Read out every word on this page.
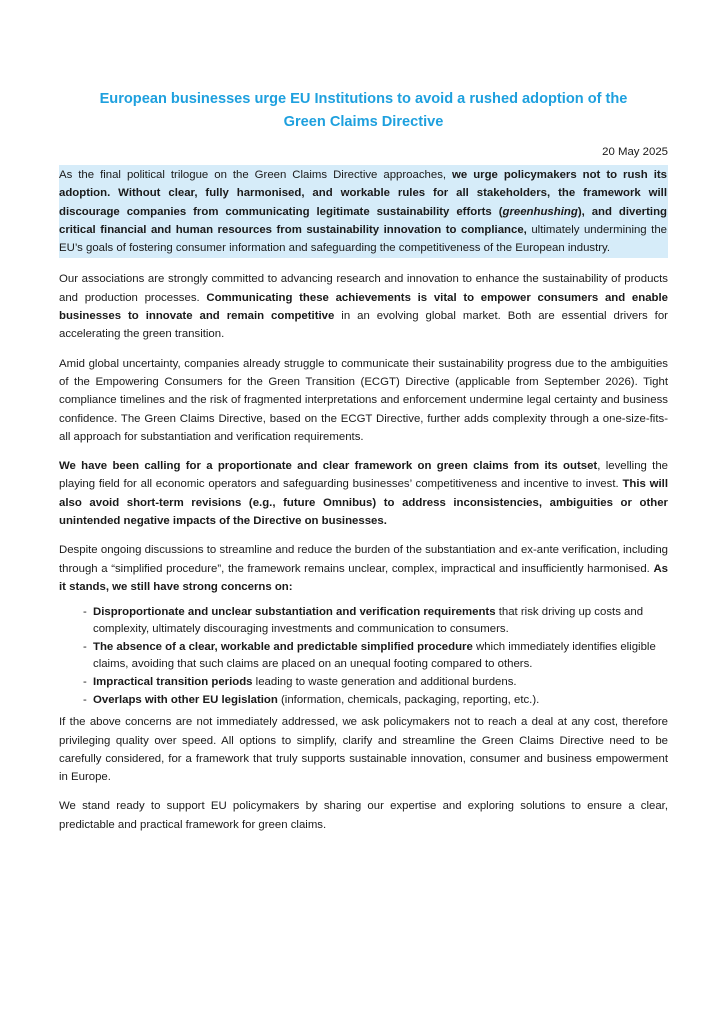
European businesses urge EU Institutions to avoid a rushed adoption of the
Green Claims Directive
20 May 2025

As the final political trilogue on the Green Claims Directive approaches, we urge policymakers not to rush its adoption. Without clear, fully harmonised, and workable rules for all stakeholders, the framework will discourage companies from communicating legitimate sustainability efforts (greenhushing), and diverting critical financial and human resources from sustainability innovation to compliance, ultimately undermining the EU’s goals of fostering consumer information and safeguarding the competitiveness of the European industry.

Our associations are strongly committed to advancing research and innovation to enhance the sustainability of products and production processes. Communicating these achievements is vital to empower consumers and enable businesses to innovate and remain competitive in an evolving global market. Both are essential drivers for accelerating the green transition.

Amid global uncertainty, companies already struggle to communicate their sustainability progress due to the ambiguities of the Empowering Consumers for the Green Transition (ECGT) Directive (applicable from September 2026). Tight compliance timelines and the risk of fragmented interpretations and enforcement undermine legal certainty and business confidence. The Green Claims Directive, based on the ECGT Directive, further adds complexity through a one-size-fits-all approach for substantiation and verification requirements.

We have been calling for a proportionate and clear framework on green claims from its outset, levelling the playing field for all economic operators and safeguarding businesses’ competitiveness and incentive to invest. This will also avoid short-term revisions (e.g., future Omnibus) to address inconsistencies, ambiguities or other unintended negative impacts of the Directive on businesses.

Despite ongoing discussions to streamline and reduce the burden of the substantiation and ex-ante verification, including through a “simplified procedure”, the framework remains unclear, complex, impractical and insufficiently harmonised. As it stands, we still have strong concerns on:

- Disproportionate and unclear substantiation and verification requirements that risk driving up costs and complexity, ultimately discouraging investments and communication to consumers.
- The absence of a clear, workable and predictable simplified procedure which immediately identifies eligible claims, avoiding that such claims are placed on an unequal footing compared to others.
- Impractical transition periods leading to waste generation and additional burdens.
- Overlaps with other EU legislation (information, chemicals, packaging, reporting, etc.).

If the above concerns are not immediately addressed, we ask policymakers not to reach a deal at any cost, therefore privileging quality over speed. All options to simplify, clarify and streamline the Green Claims Directive need to be carefully considered, for a framework that truly supports sustainable innovation, consumer and business empowerment in Europe.

We stand ready to support EU policymakers by sharing our expertise and exploring solutions to ensure a clear, predictable and practical framework for green claims.
